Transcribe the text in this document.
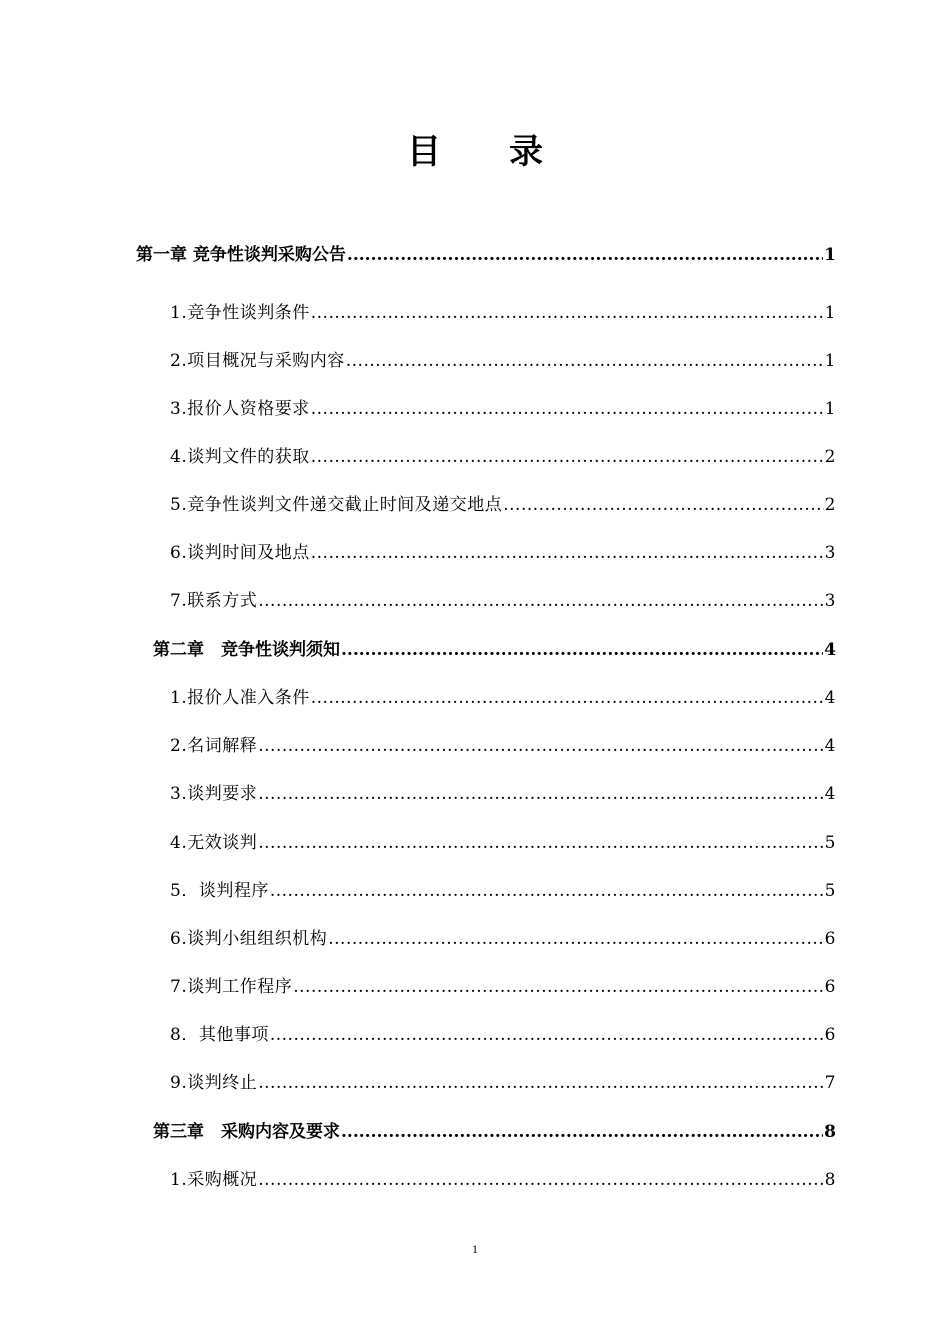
目　　录
第一章 竞争性谈判采购公告 .....	1
1.竞争性谈判条件 .....	1
2.项目概况与采购内容 .....	1
3.报价人资格要求 .....	1
4.谈判文件的获取 .....	2
5.竞争性谈判文件递交截止时间及递交地点 .....	2
6.谈判时间及地点 .....	3
7.联系方式 .....	3
第二章　竞争性谈判须知 .....	4
1.报价人准入条件 .....	4
2.名词解释 .....	4
3.谈判要求 .....	4
4.无效谈判 .....	5
5．谈判程序 .....	5
6.谈判小组组织机构 .....	6
7.谈判工作程序 .....	6
8．其他事项 .....	6
9.谈判终止 .....	7
第三章　采购内容及要求 .....	8
1.采购概况 .....	8
1
